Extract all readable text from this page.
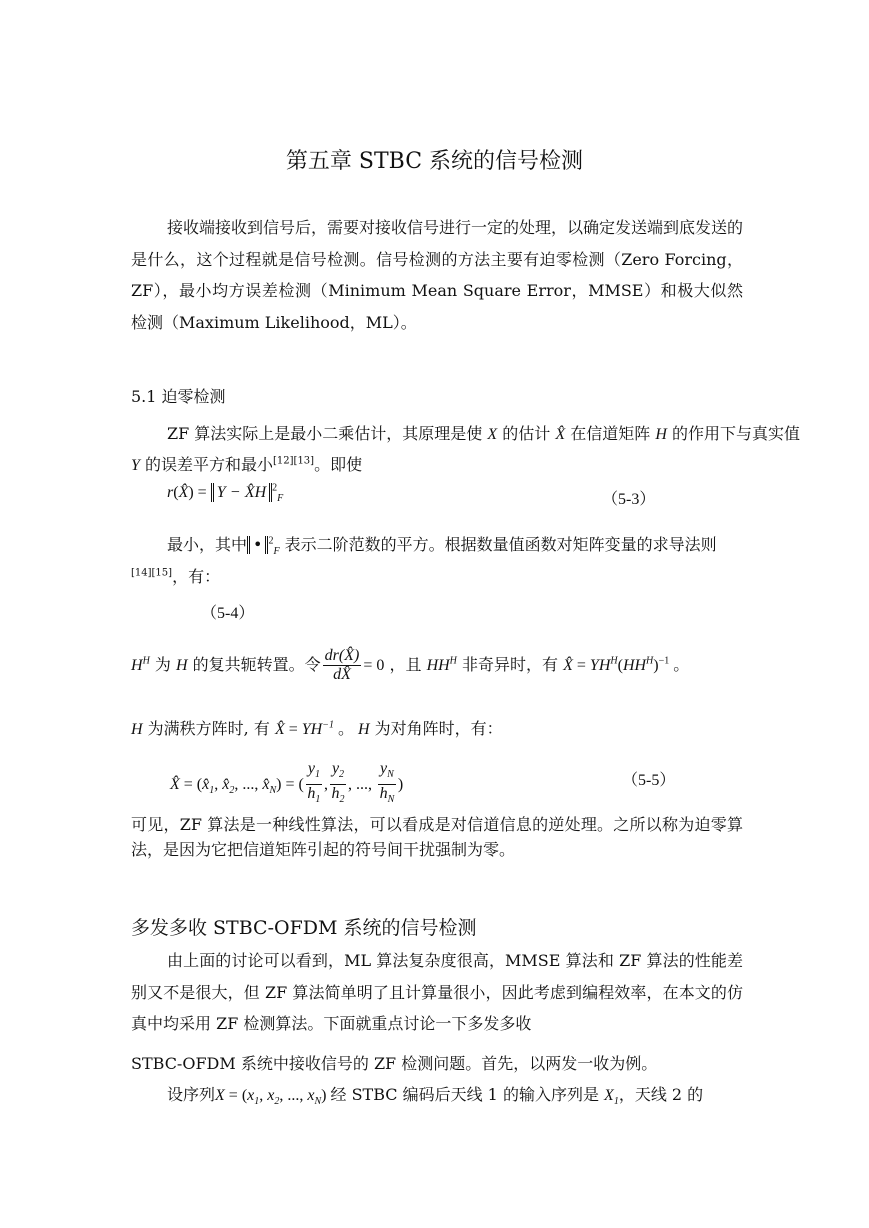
第五章 STBC 系统的信号检测
接收端接收到信号后，需要对接收信号进行一定的处理，以确定发送端到底发送的是什么，这个过程就是信号检测。信号检测的方法主要有迫零检测（Zero Forcing，ZF），最小均方误差检测（Minimum Mean Square Error，MMSE）和极大似然检测（Maximum Likelihood，ML）。
5.1 迫零检测
ZF 算法实际上是最小二乘估计，其原理是使 X 的估计 X̂ 在信道矩阵 H 的作用下与真实值
Y 的误差平方和最小[12][13]。即使
r(X̂) = Y − X̂H $^2_F$	（5-3）
最小，其中 • $^2_F$ 表示二阶范数的平方。根据数量值函数对矩阵变量的求导法则
[14][15]，有：
（5-4）
$H^H$ 为 H 的复共轭转置。令 $\frac{dr(X̂)}{dX̂} = 0$ ，且 $HH^H$ 非奇异时，有 X̂ = $YH^H(HH^H)^{-1}$ 。
H 为满秩方阵时, 有 X̂ = $YH^{-1}$ 。 H 为对角阵时，有：
X̂ = ($x̂_1$, $x̂_2$, ..., $x̂_N$) = ( $\frac{y_1}{h_1}$ , $\frac{y_2}{h_2}$ , ..., $\frac{y_N}{h_N}$ )	（5-5）
可见，ZF 算法是一种线性算法，可以看成是对信道信息的逆处理。之所以称为迫零算法，是因为它把信道矩阵引起的符号间干扰强制为零。
多发多收 STBC-OFDM 系统的信号检测
由上面的讨论可以看到，ML 算法复杂度很高，MMSE 算法和 ZF 算法的性能差别又不是很大，但 ZF 算法简单明了且计算量很小，因此考虑到编程效率，在本文的仿真中均采用 ZF 检测算法。下面就重点讨论一下多发多收
STBC-OFDM 系统中接收信号的 ZF 检测问题。首先，以两发一收为例。
设序列$X = (x_1$, $x_2$, ..., $x_N$) 经 STBC 编码后天线 1 的输入序列是 $X_1$，天线 2 的
